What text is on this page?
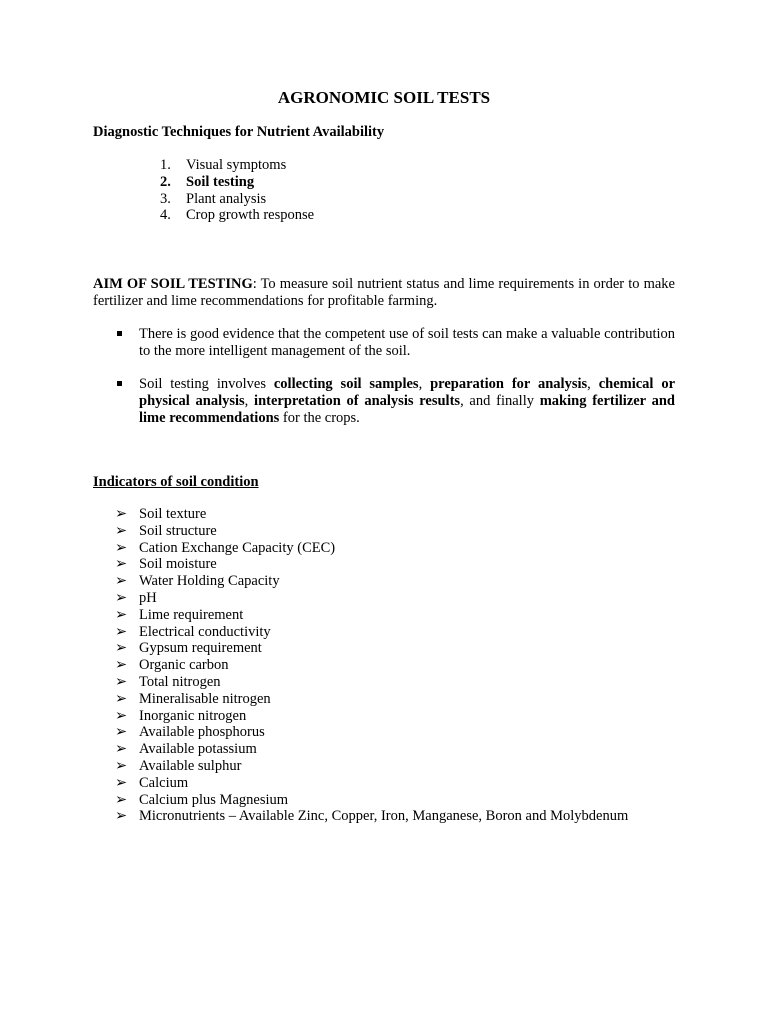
AGRONOMIC SOIL TESTS
Diagnostic Techniques for Nutrient Availability
1.	Visual symptoms
2.	Soil testing
3.	Plant analysis
4.	Crop growth response
AIM OF SOIL TESTING: To measure soil nutrient status and lime requirements in order to make fertilizer and lime recommendations for profitable farming.
There is good evidence that the competent use of soil tests can make a valuable contribution to the more intelligent management of the soil.
Soil testing involves collecting soil samples, preparation for analysis, chemical or physical analysis, interpretation of analysis results, and finally making fertilizer and lime recommendations for the crops.
Indicators of soil condition
➢ Soil texture
➢ Soil structure
➢ Cation Exchange Capacity (CEC)
➢ Soil moisture
➢ Water Holding Capacity
➢ pH
➢ Lime requirement
➢ Electrical conductivity
➢ Gypsum requirement
➢ Organic carbon
➢ Total nitrogen
➢ Mineralisable nitrogen
➢ Inorganic nitrogen
➢ Available phosphorus
➢ Available potassium
➢ Available sulphur
➢ Calcium
➢ Calcium plus Magnesium
➢ Micronutrients – Available Zinc, Copper, Iron, Manganese, Boron and Molybdenum
